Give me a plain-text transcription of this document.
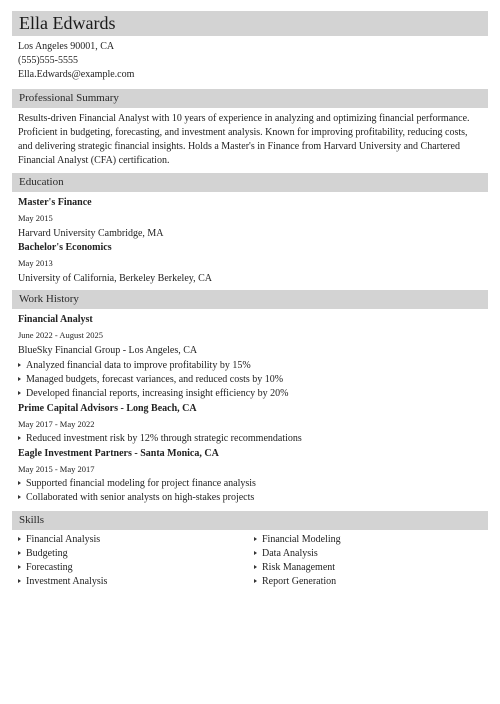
Ella Edwards
Los Angeles 90001, CA
(555)555-5555
Ella.Edwards@example.com
Professional Summary
Results-driven Financial Analyst with 10 years of experience in analyzing and optimizing financial performance. Proficient in budgeting, forecasting, and investment analysis. Known for improving profitability, reducing costs, and delivering strategic financial insights. Holds a Master's in Finance from Harvard University and Chartered Financial Analyst (CFA) certification.
Education
Master's Finance
May 2015
Harvard University Cambridge, MA
Bachelor's Economics
May 2013
University of California, Berkeley Berkeley, CA
Work History
Financial Analyst
June 2022 - August 2025
BlueSky Financial Group - Los Angeles, CA
Analyzed financial data to improve profitability by 15%
Managed budgets, forecast variances, and reduced costs by 10%
Developed financial reports, increasing insight efficiency by 20%
Prime Capital Advisors - Long Beach, CA
May 2017 - May 2022
Reduced investment risk by 12% through strategic recommendations
Eagle Investment Partners - Santa Monica, CA
May 2015 - May 2017
Supported financial modeling for project finance analysis
Collaborated with senior analysts on high-stakes projects
Skills
Financial Analysis
Budgeting
Forecasting
Investment Analysis
Financial Modeling
Data Analysis
Risk Management
Report Generation
